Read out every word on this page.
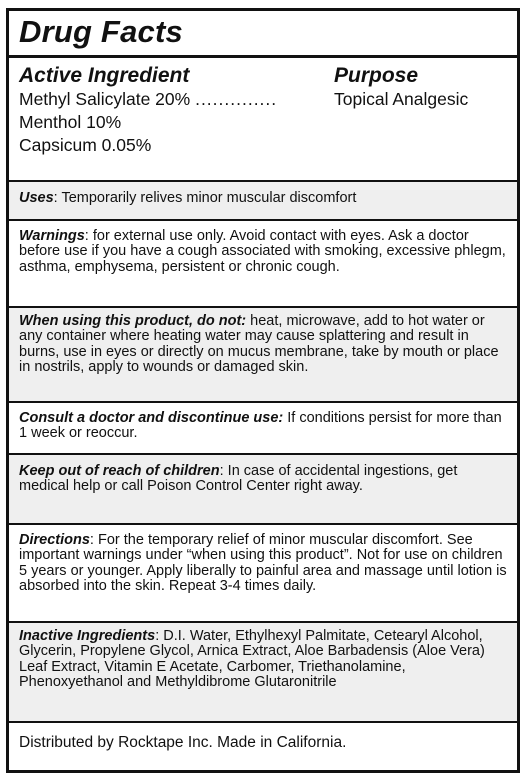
Drug Facts
Active Ingredient	Purpose
Methyl Salicylate 20% ..............	Topical Analgesic
Menthol 10%
Capsicum 0.05%
Uses: Temporarily relives minor muscular discomfort
Warnings: for external use only. Avoid contact with eyes. Ask a doctor before use if you have a cough associated with smoking, excessive phlegm, asthma, emphysema, persistent or chronic cough.
When using this product, do not: heat, microwave, add to hot water or any container where heating water may cause splattering and result in burns, use in eyes or directly on mucus membrane, take by mouth or place in nostrils, apply to wounds or damaged skin.
Consult a doctor and discontinue use: If conditions persist for more than 1 week or reoccur.
Keep out of reach of children: In case of accidental ingestions, get medical help or call Poison Control Center right away.
Directions: For the temporary relief of minor muscular discomfort. See important warnings under “when using this product”. Not for use on children 5 years or younger. Apply liberally to painful area and massage until lotion is absorbed into the skin. Repeat 3-4 times daily.
Inactive Ingredients: D.I. Water, Ethylhexyl Palmitate, Cetearyl Alcohol, Glycerin, Propylene Glycol, Arnica Extract, Aloe Barbadensis (Aloe Vera) Leaf Extract, Vitamin E Acetate, Carbomer, Triethanolamine, Phenoxyethanol and Methyldibrome Glutaronitrile
Distributed by Rocktape Inc. Made in California.
